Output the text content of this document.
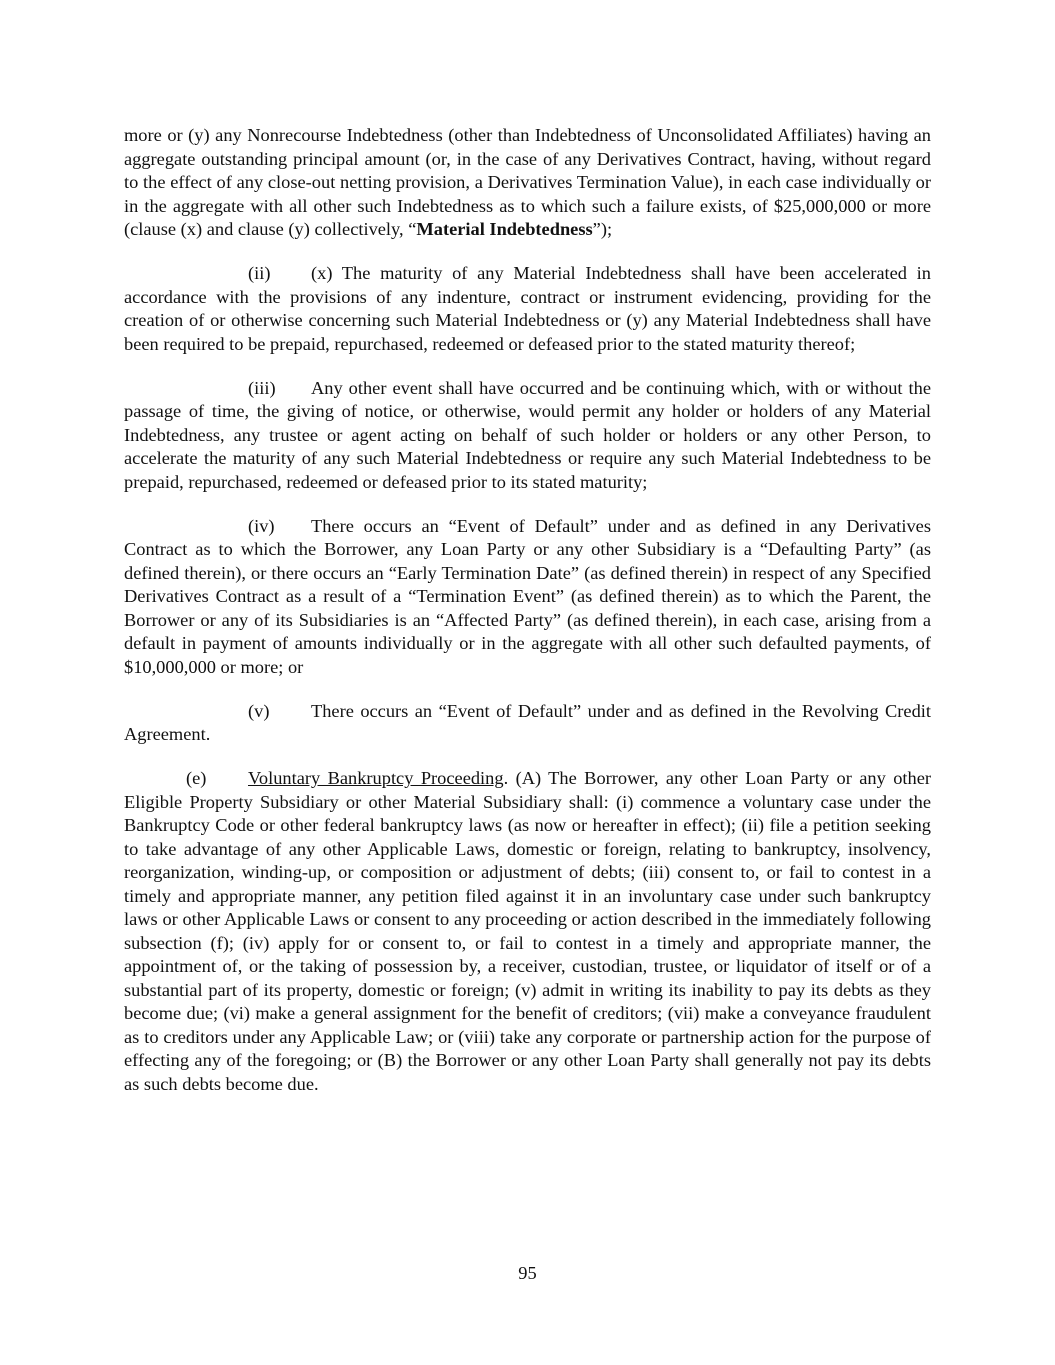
more or (y) any Nonrecourse Indebtedness (other than Indebtedness of Unconsolidated Affiliates) having an aggregate outstanding principal amount (or, in the case of any Derivatives Contract, having, without regard to the effect of any close-out netting provision, a Derivatives Termination Value), in each case individually or in the aggregate with all other such Indebtedness as to which such a failure exists, of $25,000,000 or more (clause (x) and clause (y) collectively, “Material Indebtedness”);

(ii) (x) The maturity of any Material Indebtedness shall have been accelerated in accordance with the provisions of any indenture, contract or instrument evidencing, providing for the creation of or otherwise concerning such Material Indebtedness or (y) any Material Indebtedness shall have been required to be prepaid, repurchased, redeemed or defeased prior to the stated maturity thereof;

(iii) Any other event shall have occurred and be continuing which, with or without the passage of time, the giving of notice, or otherwise, would permit any holder or holders of any Material Indebtedness, any trustee or agent acting on behalf of such holder or holders or any other Person, to accelerate the maturity of any such Material Indebtedness or require any such Material Indebtedness to be prepaid, repurchased, redeemed or defeased prior to its stated maturity;

(iv) There occurs an “Event of Default” under and as defined in any Derivatives Contract as to which the Borrower, any Loan Party or any other Subsidiary is a “Defaulting Party” (as defined therein), or there occurs an “Early Termination Date” (as defined therein) in respect of any Specified Derivatives Contract as a result of a “Termination Event” (as defined therein) as to which the Parent, the Borrower or any of its Subsidiaries is an “Affected Party” (as defined therein), in each case, arising from a default in payment of amounts individually or in the aggregate with all other such defaulted payments, of $10,000,000 or more; or

(v) There occurs an “Event of Default” under and as defined in the Revolving Credit Agreement.

(e) Voluntary Bankruptcy Proceeding. (A) The Borrower, any other Loan Party or any other Eligible Property Subsidiary or other Material Subsidiary shall: (i) commence a voluntary case under the Bankruptcy Code or other federal bankruptcy laws (as now or hereafter in effect); (ii) file a petition seeking to take advantage of any other Applicable Laws, domestic or foreign, relating to bankruptcy, insolvency, reorganization, winding-up, or composition or adjustment of debts; (iii) consent to, or fail to contest in a timely and appropriate manner, any petition filed against it in an involuntary case under such bankruptcy laws or other Applicable Laws or consent to any proceeding or action described in the immediately following subsection (f); (iv) apply for or consent to, or fail to contest in a timely and appropriate manner, the appointment of, or the taking of possession by, a receiver, custodian, trustee, or liquidator of itself or of a substantial part of its property, domestic or foreign; (v) admit in writing its inability to pay its debts as they become due; (vi) make a general assignment for the benefit of creditors; (vii) make a conveyance fraudulent as to creditors under any Applicable Law; or (viii) take any corporate or partnership action for the purpose of effecting any of the foregoing; or (B) the Borrower or any other Loan Party shall generally not pay its debts as such debts become due.

95
